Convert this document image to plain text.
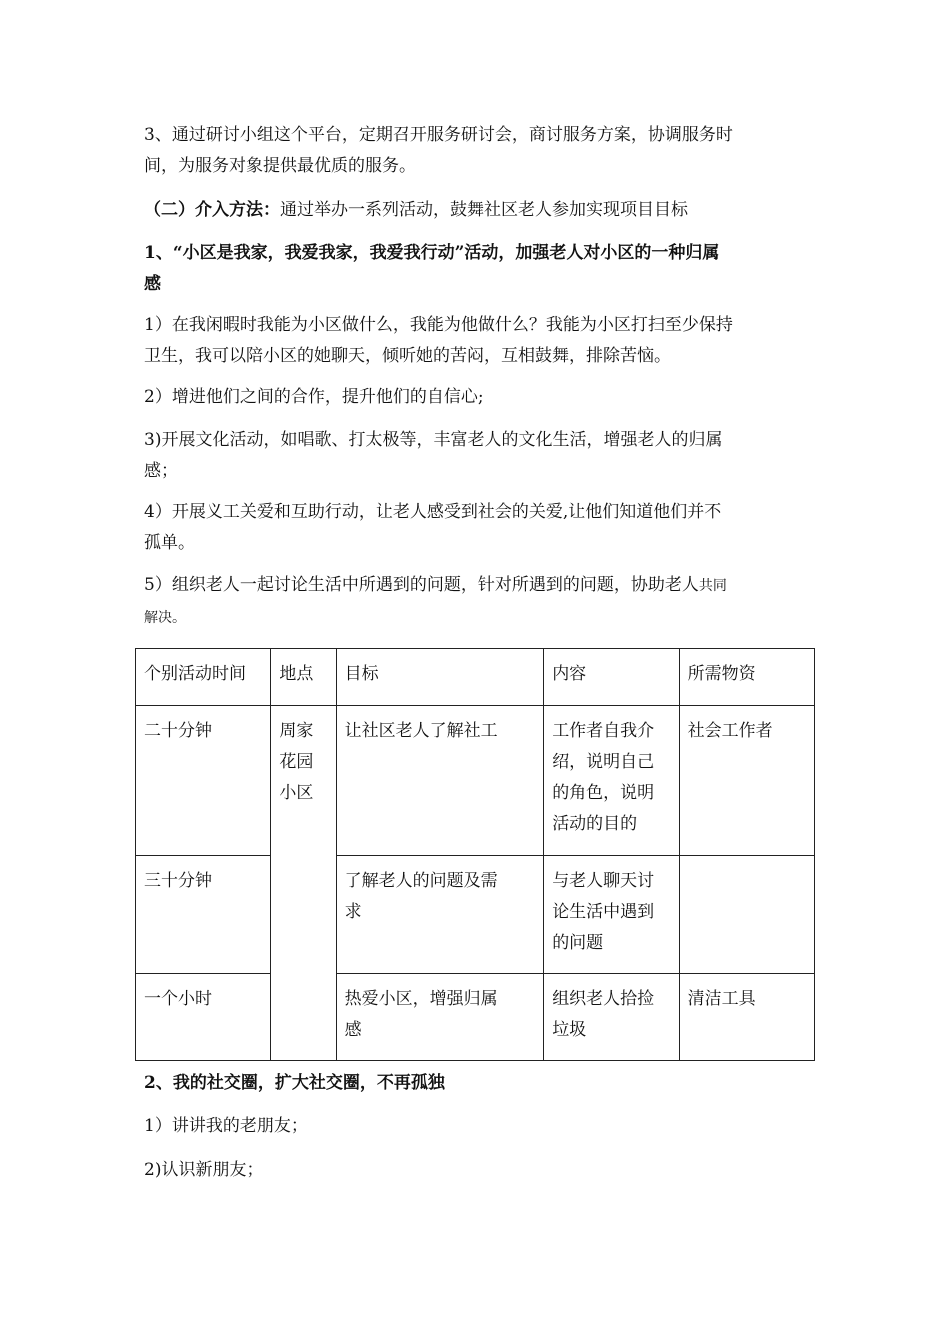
3、通过研讨小组这个平台，定期召开服务研讨会，商讨服务方案，协调服务时
间，为服务对象提供最优质的服务。

（二）介入方法：通过举办一系列活动，鼓舞社区老人参加实现项目目标

1、“小区是我家，我爱我家，我爱我行动”活动，加强老人对小区的一种归属
感

1）在我闲暇时我能为小区做什么，我能为他做什么？我能为小区打扫至少保持
卫生，我可以陪小区的她聊天，倾听她的苦闷，互相鼓舞，排除苦恼。

2）增进他们之间的合作，提升他们的自信心;

3)开展文化活动，如唱歌、打太极等，丰富老人的文化生活，增强老人的归属
感；

4）开展义工关爱和互助行动，让老人感受到社会的关爱,让他们知道他们并不
孤单。

5）组织老人一起讨论生活中所遇到的问题，针对所遇到的问题，协助老人共同
解决。

个别活动时间	地点	目标	内容	所需物资
二十分钟	周家
花园
小区	让社区老人了解社工	工作者自我介
绍，说明自己
的角色，说明
活动的目的	社会工作者
三十分钟		了解老人的问题及需
求	与老人聊天讨
论生活中遇到
的问题	
一个小时		热爱小区，增强归属
感	组织老人拾捡
垃圾	清洁工具

2、我的社交圈，扩大社交圈，不再孤独

1）讲讲我的老朋友；

2)认识新朋友；
